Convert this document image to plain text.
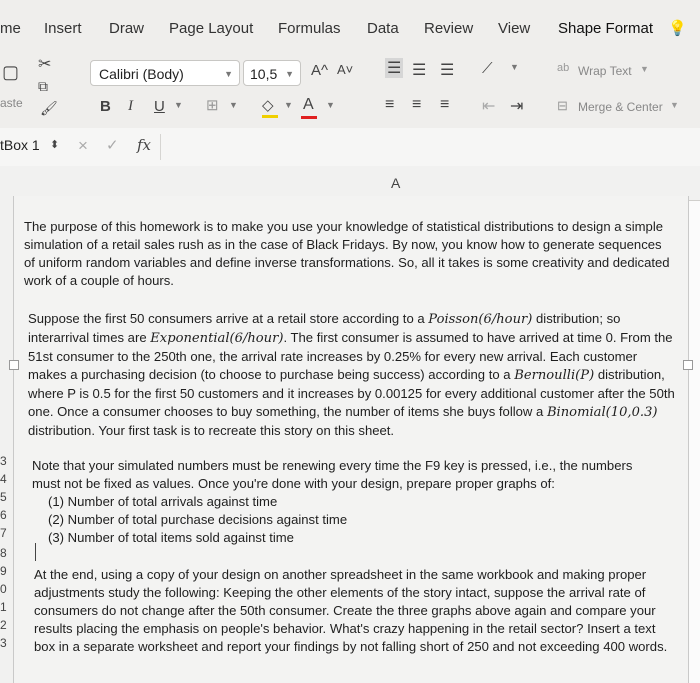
me Insert Draw Page Layout Formulas Data Review View Shape Format 💡
▢
aste
✂
⧉
🖌
Calibri (Body)	▼	10,5 ▼ A^ A˅
B I U ▼ ⊞ ▼ ◇ ▼ A ▼
☰ ☰ ☰ ⟋ ▼
≡ ≡ ≡ ⇤ ⇥
ab Wrap Text ▼
⊟ Merge & Center ▼
tBox 1 ⬍ × ✓ fx
A
3
4
5
6
7
8
9
0
1
2
3

The purpose of this homework is to make you use your knowledge of statistical distributions to design a simple simulation of a retail sales rush as in the case of Black Fridays. By now, you know how to generate sequences of uniform random variables and define inverse transformations. So, all it takes is some creativity and dedicated work of a couple of hours.

Suppose the first 50 consumers arrive at a retail store according to a Poisson(6/hour) distribution; so interarrival times are Exponential(6/hour). The first consumer is assumed to have arrived at time 0. From the 51st consumer to the 250th one, the arrival rate increases by 0.25% for every new arrival. Each customer makes a purchasing decision (to choose to purchase being success) according to a Bernoulli(P) distribution, where P is 0.5 for the first 50 customers and it increases by 0.00125 for every additional customer after the 50th one. Once a consumer chooses to buy something, the number of items she buys follow a Binomial(10,0.3) distribution. Your first task is to recreate this story on this sheet.

Note that your simulated numbers must be renewing every time the F9 key is pressed, i.e., the numbers must not be fixed as values. Once you're done with your design, prepare proper graphs of:

(1) Number of total arrivals against time
(2) Number of total purchase decisions against time
(3) Number of total items sold against time

At the end, using a copy of your design on another spreadsheet in the same workbook and making proper adjustments study the following: Keeping the other elements of the story intact, suppose the arrival rate of consumers do not change after the 50th consumer. Create the three graphs above again and compare your results placing the emphasis on people's behavior. What's crazy happening in the retail sector? Insert a text box in a separate worksheet and report your findings by not falling short of 250 and not exceeding 400 words.
